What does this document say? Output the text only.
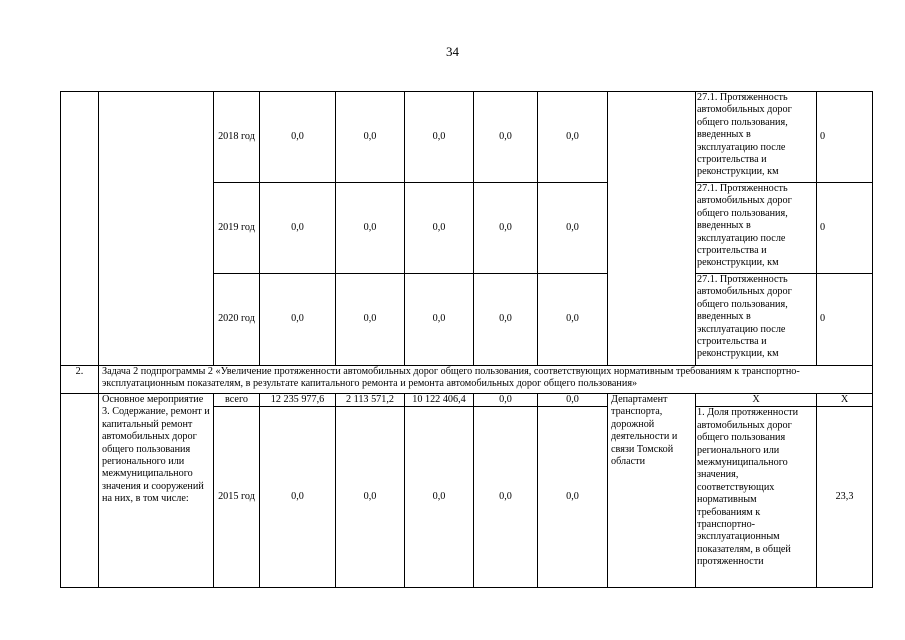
34
		2018 год	0,0	0,0	0,0	0,0	0,0		27.1. Протяженность автомобильных дорог общего пользования, введенных в эксплуатацию после строительства и реконструкции, км	0
		2019 год	0,0	0,0	0,0	0,0	0,0		27.1. Протяженность автомобильных дорог общего пользования, введенных в эксплуатацию после строительства и реконструкции, км	0
		2020 год	0,0	0,0	0,0	0,0	0,0		27.1. Протяженность автомобильных дорог общего пользования, введенных в эксплуатацию после строительства и реконструкции, км	0
2.	Задача 2 подпрограммы 2 «Увеличение протяженности автомобильных дорог общего пользования, соответствующих нормативным требованиям к транспортно-эксплуатационным показателям, в результате капитального ремонта и ремонта автомобильных дорог общего пользования»									
	Основное мероприятие 3. Содержание, ремонт и капитальный ремонт автомобильных дорог общего пользования регионального или межмуниципального значения и сооружений на них, в том числе:	всего	12 235 977,6	2 113 571,2	10 122 406,4	0,0	0,0	Департамент транспорта, дорожной деятельности и связи Томской области	X	X
		2015 год	0,0	0,0	0,0	0,0	0,0		1. Доля протяженности автомобильных дорог общего пользования регионального или межмуниципального значения, соответствующих нормативным требованиям к транспортно-эксплуатационным показателям, в общей протяженности	23,3
